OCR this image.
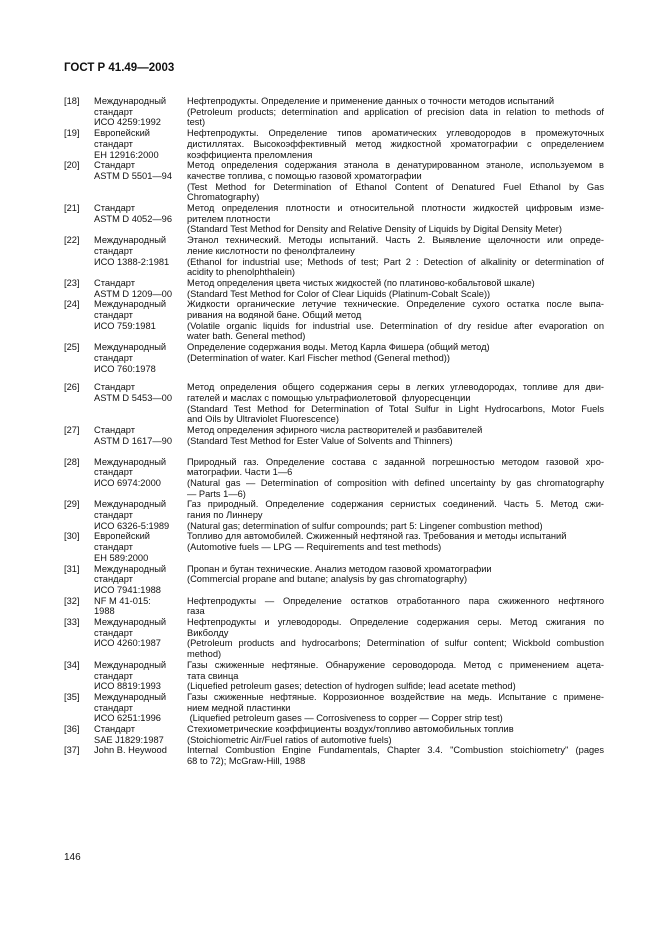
ГОСТ Р 41.49—2003
[18]	Международный
стандарт
ИСО 4259:1992
Нефтепродукты. Определение и применение данных о точности методов испытаний
(Petroleum products; determination and application of precision data in relation to methods of
test)
[19]	Европейский
стандарт
ЕН 12916:2000
Нефтепродукты. Определение типов ароматических углеводородов в промежуточных
дистиллятах. Высокоэффективный метод жидкостной хроматографии с определением
коэффициента преломления
[20]	Стандарт
ASTM D 5501—94
Метод определения содержания этанола в денатурированном этаноле, используемом в
качестве топлива, с помощью газовой хроматографии
(Test Method for Determination of Ethanol Content of Denatured Fuel Ethanol by Gas
Chromatography)
[21]	Стандарт
ASTM D 4052—96
Метод определения плотности и относительной плотности жидкостей цифровым изме-
рителем плотности
(Standard Test Method for Density and Relative Density of Liquids by Digital Density Meter)
[22]	Международный
стандарт
ИСО 1388-2:1981
Этанол технический. Методы испытаний. Часть 2. Выявление щелочности или опреде-
ление кислотности по фенолфталеину
(Ethanol for industrial use; Methods of test; Part 2 : Detection of alkalinity or determination of
acidity to phenolphthalein)
[23]	Стандарт
ASTM D 1209—00
Метод определения цвета чистых жидкостей (по платиново-кобальтовой шкале)
(Standard Test Method for Color of Clear Liquids (Platinum-Cobalt Scale))
[24]	Международный
стандарт
ИСО 759:1981
Жидкости органические летучие технические. Определение сухого остатка после выпа-
ривания на водяной бане. Общий метод
(Volatile organic liquids for industrial use. Determination of dry residue after evaporation on
water bath. General method)
[25]	Международный
стандарт
ИСО 760:1978
Определение содержания воды. Метод Карла Фишера (общий метод)
(Determination of water. Karl Fischer method (General method))
[26]	Стандарт
ASTM D 5453—00
Метод определения общего содержания серы в легких углеводородах, топливе для дви-
гателей и маслах с помощью ультрафиолетовой  флуоресценции
(Standard Test Method for Determination of Total Sulfur in Light Hydrocarbons, Motor Fuels
and Oils by Ultraviolet Fluorescence)
[27]	Стандарт
ASTM D 1617—90
Метод определения эфирного числа растворителей и разбавителей
(Standard Test Method for Ester Value of Solvents and Thinners)
[28]	Международный
стандарт
ИСО 6974:2000
Природный газ. Определение состава с заданной погрешностью методом газовой хро-
матографии. Части 1—6
(Natural gas — Determination of composition with defined uncertainty by gas chromatography
— Parts 1—6)
[29]	Международный
стандарт
ИСО 6326-5:1989
Газ природный. Определение содержания сернистых соединений. Часть 5. Метод сжи-
гания по Линнеру
(Natural gas; determination of sulfur compounds; part 5: Lingener combustion method)
[30]	Европейский
стандарт
ЕН 589:2000
Топливо для автомобилей. Сжиженный нефтяной газ. Требования и методы испытаний
(Automotive fuels — LPG — Requirements and test methods)
[31]	Международный
стандарт
ИСО 7941:1988
Пропан и бутан технические. Анализ методом газовой хроматографии
(Commercial propane and butane; analysis by gas chromatography)
[32]	NF M 41-015:
1988
Нефтепродукты — Определение остатков отработанного пара сжиженного нефтяного
газа
[33]	Международный
стандарт
ИСО 4260:1987
Нефтепродукты и углеводороды. Определение содержания серы. Метод сжигания по
Викболду
(Petroleum products and hydrocarbons; Determination of sulfur content; Wickbold combustion
method)
[34]	Международный
стандарт
ИСО 8819:1993
Газы сжиженные нефтяные. Обнаружение сероводорода. Метод с применением ацета-
тата свинца
(Liquefied petroleum gases; detection of hydrogen sulfide; lead acetate method)
[35]	Международный
стандарт
ИСО 6251:1996
Газы сжиженные нефтяные. Коррозионное воздействие на медь. Испытание с примене-
нием медной пластинки
(Liquefied petroleum gases — Corrosiveness to copper — Copper strip test)
[36]	Стандарт
SAE J1829:1987
Стехиометрические коэффициенты воздух/топливо автомобильных топлив
(Stoichiometric Air/Fuel ratios of automotive fuels)
[37]	John B. Heywood	Internal Combustion Engine Fundamentals, Chapter 3.4. "Combustion stoichiometry" (pages
68 to 72); McGraw-Hill, 1988
146
